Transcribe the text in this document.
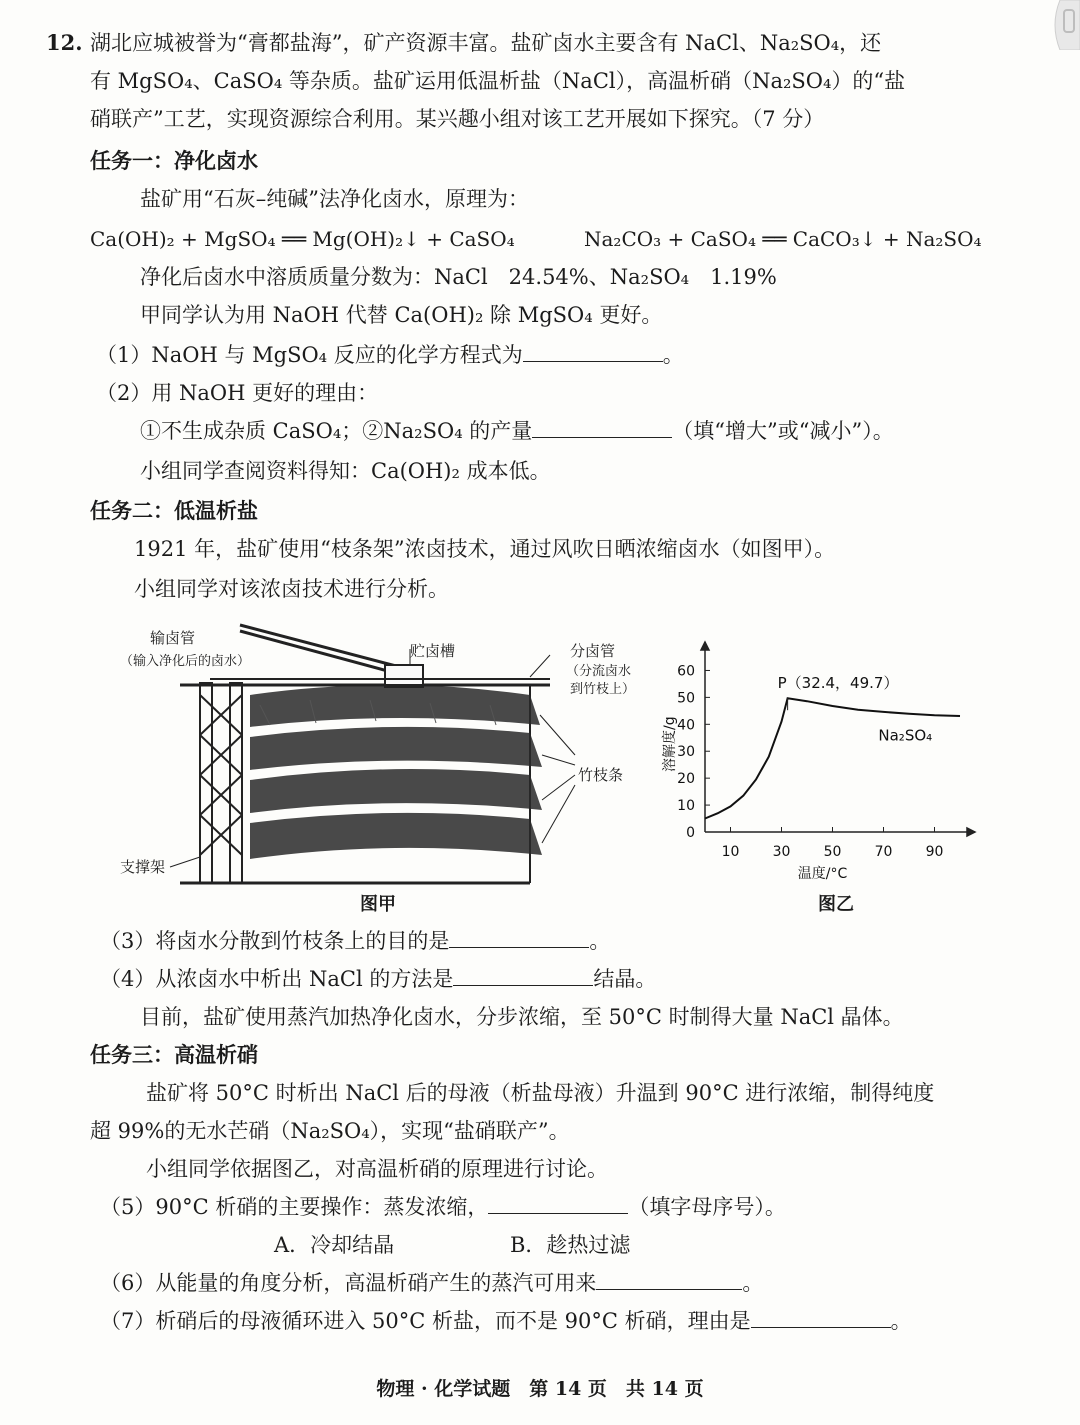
12. 湖北应城被誉为“膏都盐海”，矿产资源丰富。盐矿卤水主要含有 NaCl、Na₂SO₄，还
有 MgSO₄、CaSO₄ 等杂质。盐矿运用低温析盐（NaCl），高温析硝（Na₂SO₄）的“盐
硝联产”工艺，实现资源综合利用。某兴趣小组对该工艺开展如下探究。（7 分）
任务一：净化卤水
盐矿用“石灰–纯碱”法净化卤水，原理为：
Ca(OH)₂ + MgSO₄ ══ Mg(OH)₂↓ + CaSO₄	Na₂CO₃ + CaSO₄ ══ CaCO₃↓ + Na₂SO₄
净化后卤水中溶质质量分数为：NaCl　24.54%、Na₂SO₄　1.19%
甲同学认为用 NaOH 代替 Ca(OH)₂ 除 MgSO₄ 更好。
（1）NaOH 与 MgSO₄ 反应的化学方程式为	。
（2）用 NaOH 更好的理由：
①不生成杂质 CaSO₄；②Na₂SO₄ 的产量	（填“增大”或“减小”）。
小组同学查阅资料得知：Ca(OH)₂ 成本低。
任务二：低温析盐
1921 年，盐矿使用“枝条架”浓卤技术，通过风吹日晒浓缩卤水（如图甲）。
小组同学对该浓卤技术进行分析。
输卤管
（输入净化后的卤水）
贮卤槽	分卤管
（分流卤水
到竹枝上）
竹枝条
支撑架
图甲
10 30 50 70 90
0
10
20
30
40
50
60
P（32.4，49.7）
Na₂SO₄
溶解度/g
温度/°C
图乙
（3）将卤水分散到竹枝条上的目的是	。
（4）从浓卤水中析出 NaCl 的方法是	结晶。
目前，盐矿使用蒸汽加热净化卤水，分步浓缩，至 50°C 时制得大量 NaCl 晶体。
任务三：高温析硝
盐矿将 50°C 时析出 NaCl 后的母液（析盐母液）升温到 90°C 进行浓缩，制得纯度
超 99%的无水芒硝（Na₂SO₄），实现“盐硝联产”。
小组同学依据图乙，对高温析硝的原理进行讨论。
（5）90°C 析硝的主要操作：蒸发浓缩，	（填字母序号）。
A．冷却结晶	B．趁热过滤
（6）从能量的角度分析，高温析硝产生的蒸汽可用来	。
（7）析硝后的母液循环进入 50°C 析盐，而不是 90°C 析硝，理由是	。
物理 · 化学试题　第 14 页　共 14 页
